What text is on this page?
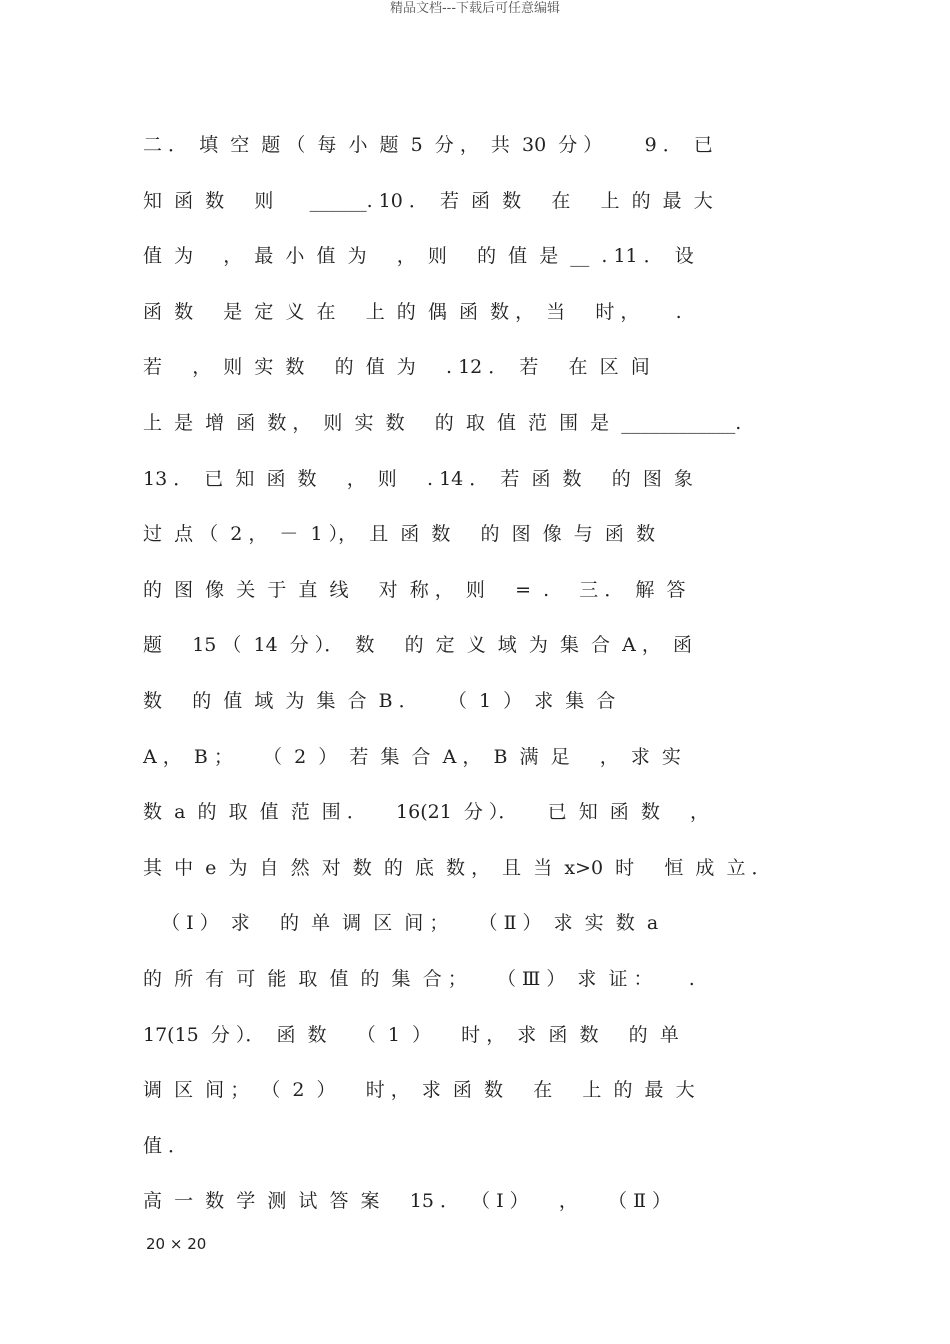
精品文档---下载后可任意编辑
二 ．  填  空  题 （  每  小  题  5  分 ，  共  30  分 ）       9 ．  已
知  函  数     则      ______. 10 ．  若  函  数     在     上  的  最  大
值  为     ，  最  小  值  为     ，  则     的  值  是  __  . 11 ．  设
函  数     是  定  义  在     上  的  偶  函  数 ，  当     时 ，      .
若     ，  则  实  数     的  值  为     . 12 ．  若     在  区  间
上  是  增  函  数 ，  则  实  数     的  取  值  范  围  是  ____________.
13 ．  已  知  函  数     ，  则     . 14 ．  若  函  数     的  图  象
过  点 （  2 ，  －  1 ），  且  函  数     的  图  像  与  函  数
的  图  像  关  于  直  线     对  称 ，  则     =  .     三 ．  解  答
题     15 （  14  分 ）．  数     的  定  义  域  为  集  合  A ，  函
数     的  值  域  为  集  合  B ．     （  1  ）  求  集  合
A ，  B ；     （  2  ）  若  集  合  A ，  B  满  足     ，  求  实
数  a  的  取  值  范  围 ．     16(21  分 ）．     已  知  函  数     ，
其  中  e  为  自  然  对  数  的  底  数 ，  且  当  x>0  时     恒  成  立 ．
（ Ⅰ ）  求     的  单  调  区  间 ；     （ Ⅱ ）  求  实  数  a
的  所  有  可  能  取  值  的  集  合 ；     （ Ⅲ ）  求  证 ：      .
17(15  分 ）．  函  数     （  1  ）     时 ，  求  函  数     的  单
调  区  间 ；  （  2  ）     时 ，  求  函  数     在     上  的  最  大
值 ．
高  一  数  学  测  试  答  案     15 ．  （ Ⅰ ）     ，     （ Ⅱ ）
20 × 20
